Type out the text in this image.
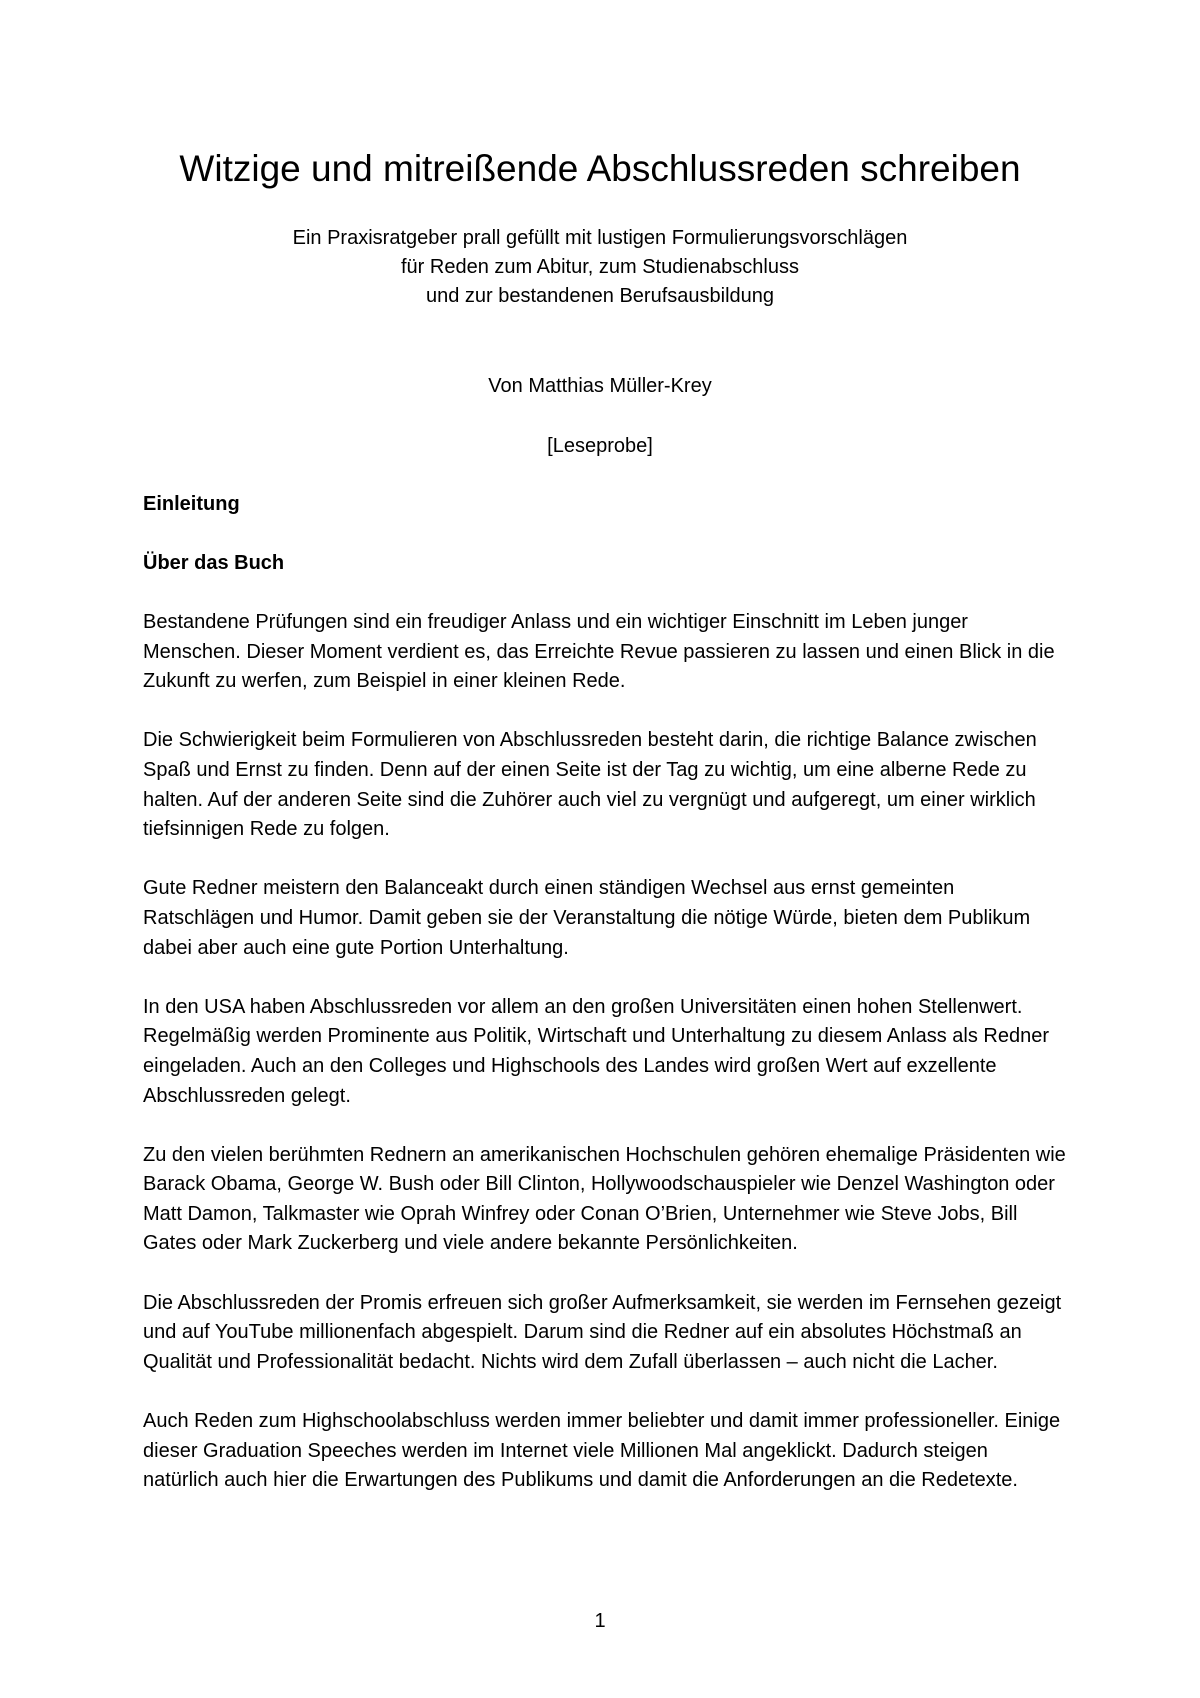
Witzige und mitreißende Abschlussreden schreiben
Ein Praxisratgeber prall gefüllt mit lustigen Formulierungsvorschlägen
für Reden zum Abitur, zum Studienabschluss
und zur bestandenen Berufsausbildung
Von Matthias Müller-Krey
[Leseprobe]
Einleitung
Über das Buch

Bestandene Prüfungen sind ein freudiger Anlass und ein wichtiger Einschnitt im Leben junger Menschen. Dieser Moment verdient es, das Erreichte Revue passieren zu lassen und einen Blick in die Zukunft zu werfen, zum Beispiel in einer kleinen Rede.

Die Schwierigkeit beim Formulieren von Abschlussreden besteht darin, die richtige Balance zwischen Spaß und Ernst zu finden. Denn auf der einen Seite ist der Tag zu wichtig, um eine alberne Rede zu halten. Auf der anderen Seite sind die Zuhörer auch viel zu vergnügt und aufgeregt, um einer wirklich tiefsinnigen Rede zu folgen.

Gute Redner meistern den Balanceakt durch einen ständigen Wechsel aus ernst gemeinten Ratschlägen und Humor. Damit geben sie der Veranstaltung die nötige Würde, bieten dem Publikum dabei aber auch eine gute Portion Unterhaltung.

In den USA haben Abschlussreden vor allem an den großen Universitäten einen hohen Stellenwert. Regelmäßig werden Prominente aus Politik, Wirtschaft und Unterhaltung zu diesem Anlass als Redner eingeladen. Auch an den Colleges und Highschools des Landes wird großen Wert auf exzellente Abschlussreden gelegt.

Zu den vielen berühmten Rednern an amerikanischen Hochschulen gehören ehemalige Präsidenten wie Barack Obama, George W. Bush oder Bill Clinton, Hollywoodschauspieler wie Denzel Washington oder Matt Damon, Talkmaster wie Oprah Winfrey oder Conan O’Brien, Unternehmer wie Steve Jobs, Bill Gates oder Mark Zuckerberg und viele andere bekannte Persönlichkeiten.

Die Abschlussreden der Promis erfreuen sich großer Aufmerksamkeit, sie werden im Fernsehen gezeigt und auf YouTube millionenfach abgespielt. Darum sind die Redner auf ein absolutes Höchstmaß an Qualität und Professionalität bedacht. Nichts wird dem Zufall überlassen – auch nicht die Lacher.

Auch Reden zum Highschoolabschluss werden immer beliebter und damit immer professioneller. Einige dieser Graduation Speeches werden im Internet viele Millionen Mal angeklickt. Dadurch steigen natürlich auch hier die Erwartungen des Publikums und damit die Anforderungen an die Redetexte.

1
